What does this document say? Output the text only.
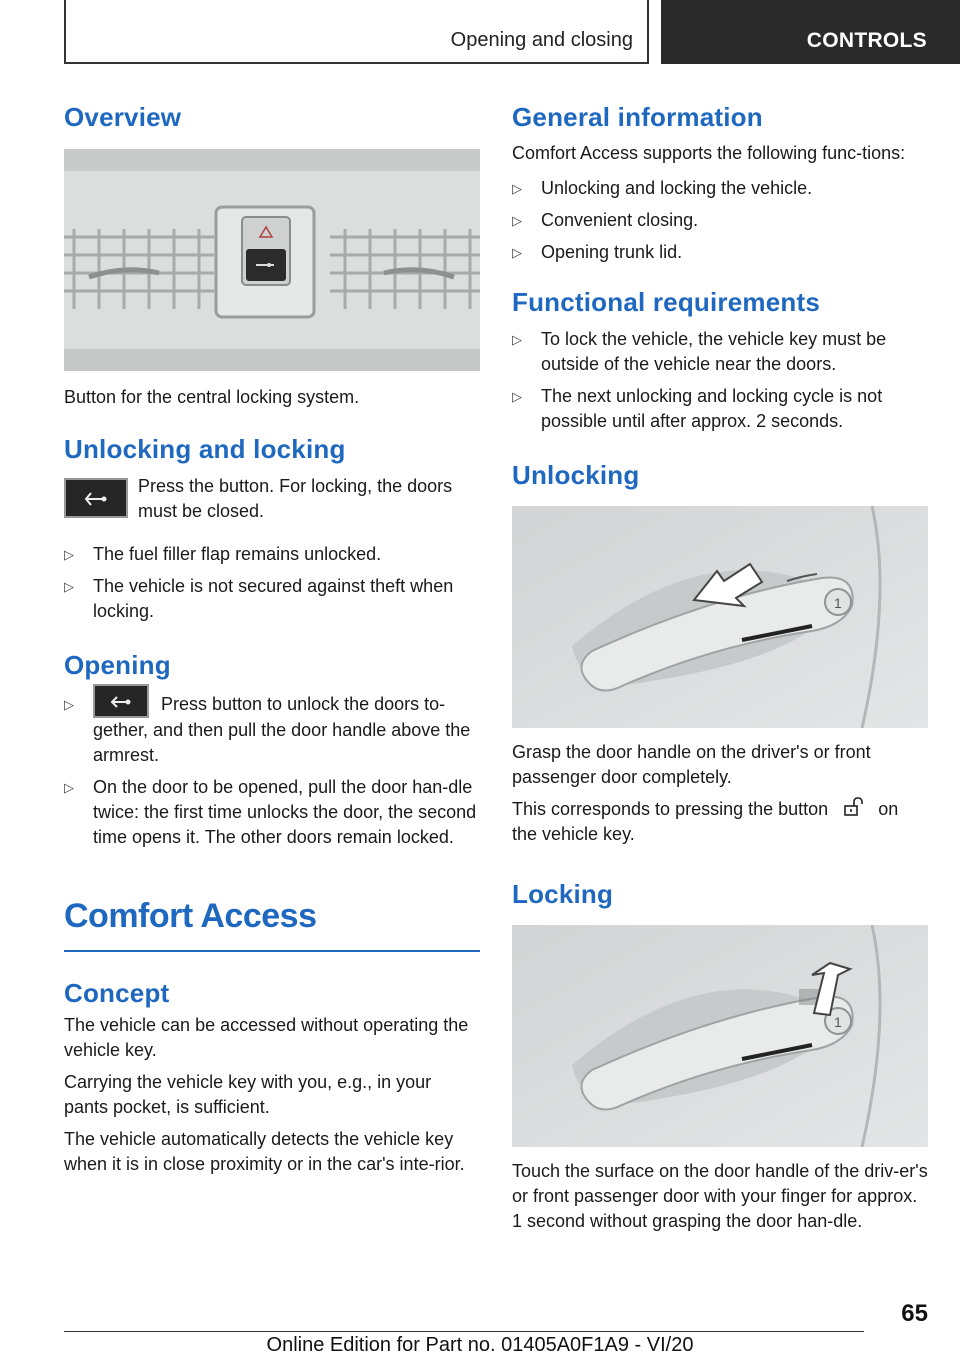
Opening and closing	CONTROLS
Overview

Button for the central locking system.

Unlocking and locking

Press the button. For locking, the doors must be closed.

▷ The fuel filler flap remains unlocked.
▷ The vehicle is not secured against theft when locking.
Opening
▷	Press button to unlock the doors to-gether, and then pull the door handle above the armrest.
▷ On the door to be opened, pull the door han-dle twice: the first time unlocks the door, the second time opens it. The other doors remain locked.
Comfort Access
Concept

The vehicle can be accessed without operating the vehicle key.

Carrying the vehicle key with you, e.g., in your pants pocket, is sufficient.

The vehicle automatically detects the vehicle key when it is in close proximity or in the car's inte-rior.

General information

Comfort Access supports the following func-tions:

▷ Unlocking and locking the vehicle.
▷ Convenient closing.
▷ Opening trunk lid.
Functional requirements
▷ To lock the vehicle, the vehicle key must be outside of the vehicle near the doors.
▷ The next unlocking and locking cycle is not possible until after approx. 2 seconds.
Unlocking
1

Grasp the door handle on the driver's or front passenger door completely.

This corresponds to pressing the button	on the vehicle key.

Locking
1

Touch the surface on the door handle of the driv-er's or front passenger door with your finger for approx. 1 second without grasping the door han-dle.

65
Online Edition for Part no. 01405A0F1A9 - VI/20
